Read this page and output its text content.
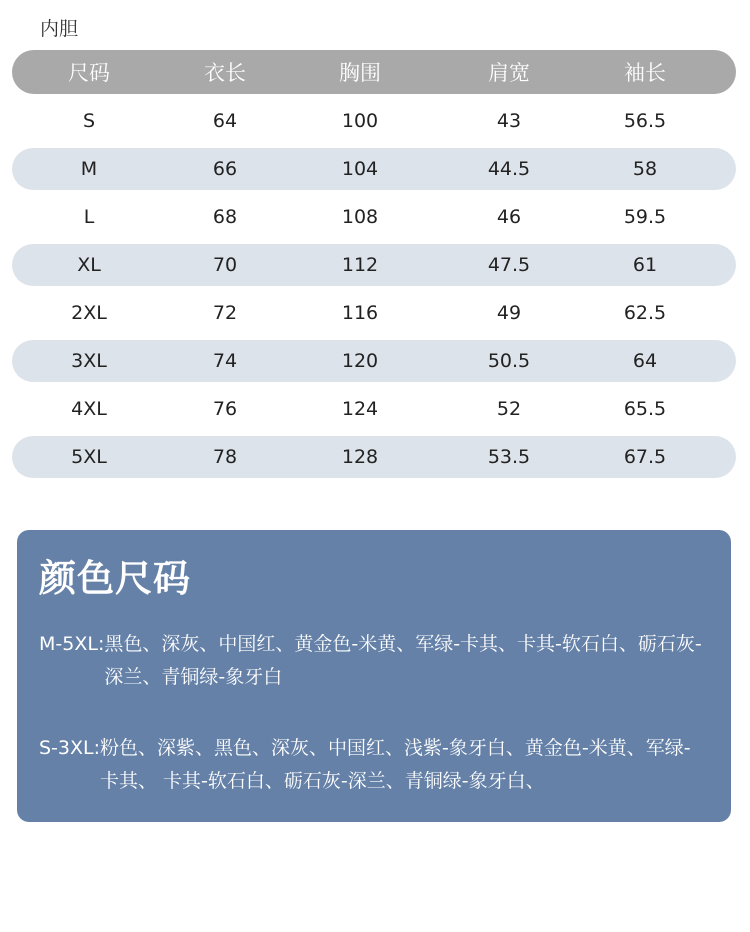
内胆
尺码	衣长	胸围	肩宽	袖长
S	64	100	43	56.5
M	66	104	44.5	58
L	68	108	46	59.5
XL	70	112	47.5	61
2XL	72	116	49	62.5
3XL	74	120	50.5	64
4XL	76	124	52	65.5
5XL	78	128	53.5	67.5
颜色尺码
M-5XL: 黑色、深灰、中国红、黄金色-米黄、军绿-卡其、卡其-软石白、砺石灰-深兰、青铜绿-象牙白
S-3XL: 粉色、深紫、黑色、深灰、中国红、浅紫-象牙白、黄金色-米黄、军绿-卡其、 卡其-软石白、砺石灰-深兰、青铜绿-象牙白、
